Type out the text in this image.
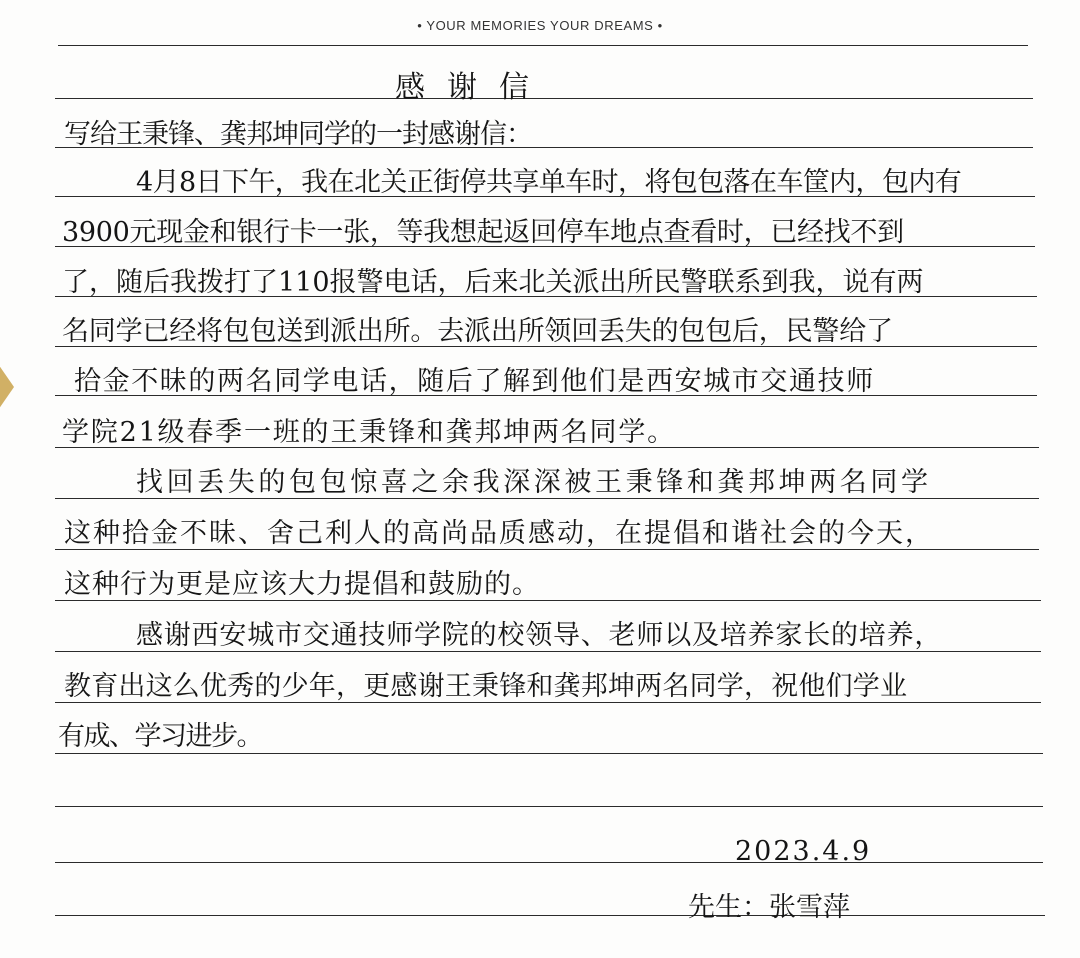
• YOUR MEMORIES YOUR DREAMS •
感谢信
写给王秉锋、龚邦坤同学的一封感谢信：
4月8日下午，我在北关正街停共享单车时，将包包落在车筐内，包内有
3900元现金和银行卡一张，等我想起返回停车地点查看时，已经找不到
了，随后我拨打了110报警电话，后来北关派出所民警联系到我，说有两
名同学已经将包包送到派出所。去派出所领回丢失的包包后，民警给了
拾金不昧的两名同学电话，随后了解到他们是西安城市交通技师
学院21级春季一班的王秉锋和龚邦坤两名同学。
找回丢失的包包惊喜之余我深深被王秉锋和龚邦坤两名同学
这种拾金不昧、舍己利人的高尚品质感动，在提倡和谐社会的今天，
这种行为更是应该大力提倡和鼓励的。
感谢西安城市交通技师学院的校领导、老师以及培养家长的培养，
教育出这么优秀的少年，更感谢王秉锋和龚邦坤两名同学，祝他们学业
有成、学习进步。
2023.4.9
先生：张雪萍
